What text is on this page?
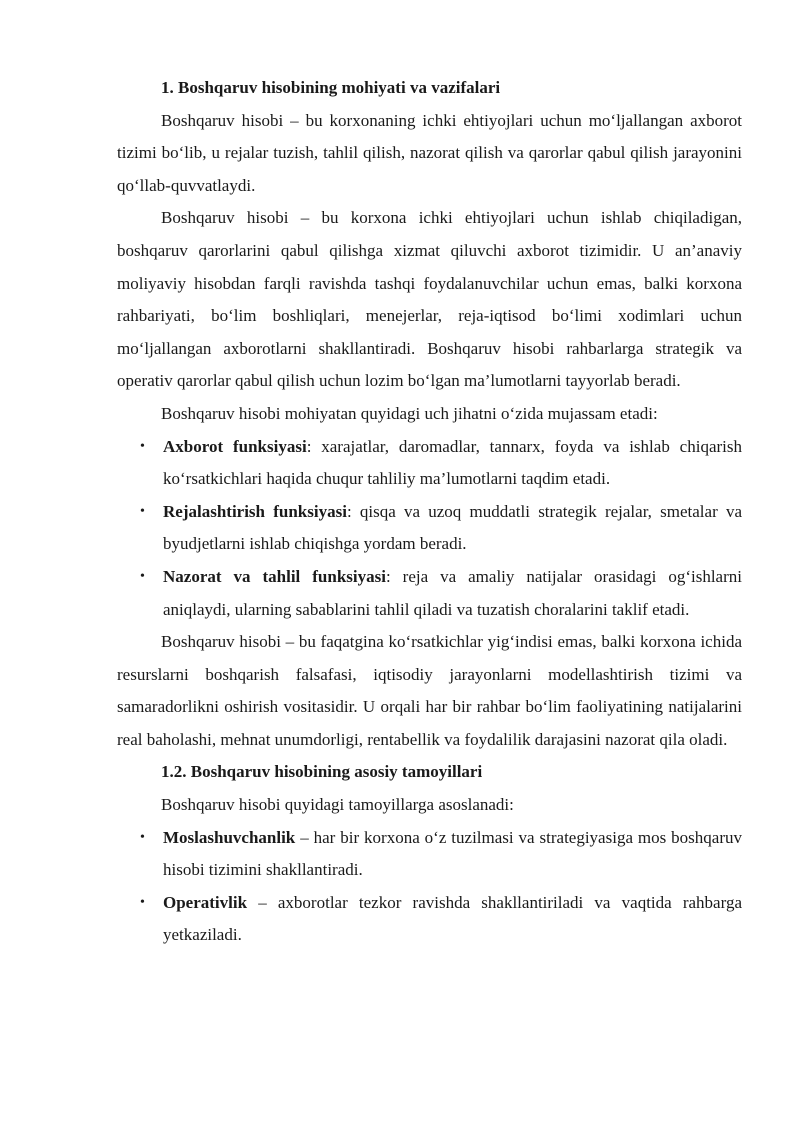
1. Boshqaruv hisobining mohiyati va vazifalari

Boshqaruv hisobi – bu korxonaning ichki ehtiyojlari uchun mo‘ljallangan axborot tizimi bo‘lib, u rejalar tuzish, tahlil qilish, nazorat qilish va qarorlar qabul qilish jarayonini qo‘llab-quvvatlaydi.

Boshqaruv hisobi – bu korxona ichki ehtiyojlari uchun ishlab chiqiladigan, boshqaruv qarorlarini qabul qilishga xizmat qiluvchi axborot tizimidir. U an’anaviy moliyaviy hisobdan farqli ravishda tashqi foydalanuvchilar uchun emas, balki korxona rahbariyati, bo‘lim boshliqlari, menejerlar, reja-iqtisod bo‘limi xodimlari uchun mo‘ljallangan axborotlarni shakllantiradi. Boshqaruv hisobi rahbarlarga strategik va operativ qarorlar qabul qilish uchun lozim bo‘lgan ma’lumotlarni tayyorlab beradi.

Boshqaruv hisobi mohiyatan quyidagi uch jihatni o‘zida mujassam etadi:

• Axborot funksiyasi: xarajatlar, daromadlar, tannarx, foyda va ishlab chiqarish ko‘rsatkichlari haqida chuqur tahliliy ma’lumotlarni taqdim etadi.
• Rejalashtirish funksiyasi: qisqa va uzoq muddatli strategik rejalar, smetalar va byudjetlarni ishlab chiqishga yordam beradi.
• Nazorat va tahlil funksiyasi: reja va amaliy natijalar orasidagi og‘ishlarni aniqlaydi, ularning sabablarini tahlil qiladi va tuzatish choralarini taklif etadi.

Boshqaruv hisobi – bu faqatgina ko‘rsatkichlar yig‘indisi emas, balki korxona ichida resurslarni boshqarish falsafasi, iqtisodiy jarayonlarni modellashtirish tizimi va samaradorlikni oshirish vositasidir. U orqali har bir rahbar bo‘lim faoliyatining natijalarini real baholashi, mehnat unumdorligi, rentabellik va foydalilik darajasini nazorat qila oladi.

1.2. Boshqaruv hisobining asosiy tamoyillari

Boshqaruv hisobi quyidagi tamoyillarga asoslanadi:

• Moslashuvchanlik – har bir korxona o‘z tuzilmasi va strategiyasiga mos boshqaruv hisobi tizimini shakllantiradi.
• Operativlik – axborotlar tezkor ravishda shakllantiriladi va vaqtida rahbarga yetkaziladi.
